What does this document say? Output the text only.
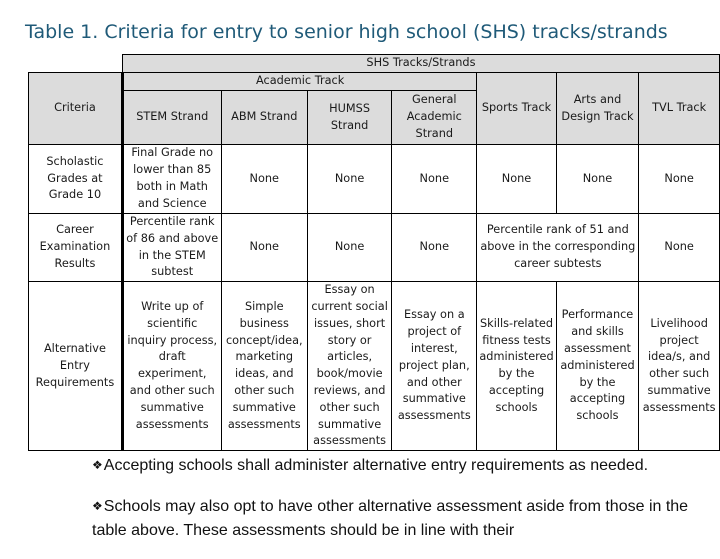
Table 1. Criteria for entry to senior high school (SHS) tracks/strands
	SHS Tracks/Strands						
Criteria	Academic Track				Sports Track	Arts and Design Track	TVL Track
	STEM Strand	ABM Strand	HUMSS Strand	General Academic Strand			
Scholastic Grades at Grade 10	Final Grade no lower than 85 both in Math and Science	None	None	None	None	None	None
Career Examination Results	Percentile rank of 86 and above in the STEM subtest	None	None	None	Percentile rank of 51 and above in the corresponding career subtests		None
Alternative Entry Requirements	Write up of scientific inquiry process, draft experiment, and other such summative assessments	Simple business concept/idea, marketing ideas, and other such summative assessments	Essay on current social issues, short story or articles, book/movie reviews, and other such summative assessments	Essay on a project of interest, project plan, and other summative assessments	Skills-related fitness tests administered by the accepting schools	Performance and skills assessment administered by the accepting schools	Livelihood project idea/s, and other such summative assessments
❖Accepting schools shall administer alternative entry requirements as needed.
❖Schools may also opt to have other alternative assessment aside from those in the table above. These assessments should be in line with their
